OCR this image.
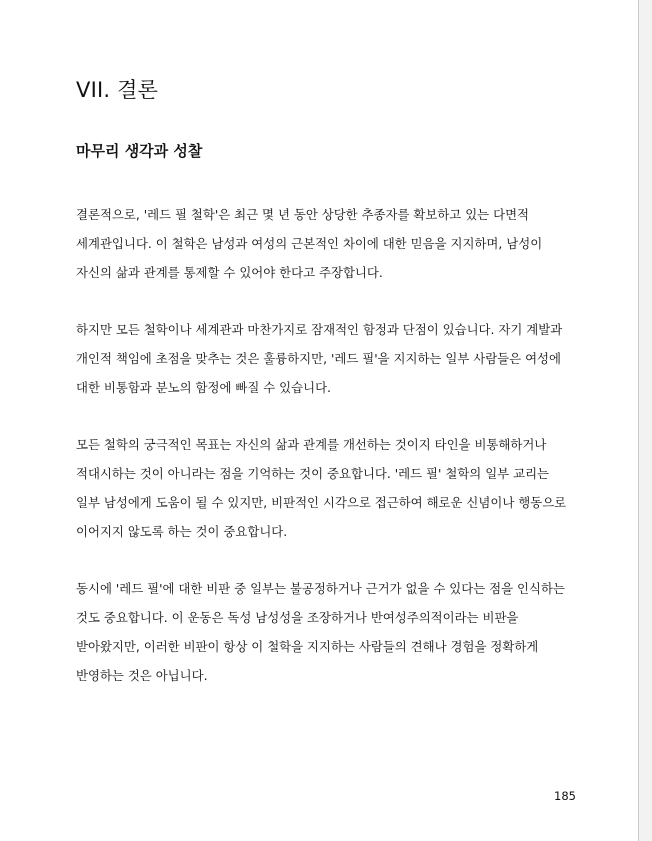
VII. 결론
마무리 생각과 성찰
결론적으로, '레드 필 철학'은 최근 몇 년 동안 상당한 추종자를 확보하고 있는 다면적
세계관입니다. 이 철학은 남성과 여성의 근본적인 차이에 대한 믿음을 지지하며, 남성이
자신의 삶과 관계를 통제할 수 있어야 한다고 주장합니다.
하지만 모든 철학이나 세계관과 마찬가지로 잠재적인 함정과 단점이 있습니다. 자기 계발과
개인적 책임에 초점을 맞추는 것은 훌륭하지만, '레드 필'을 지지하는 일부 사람들은 여성에
대한 비통함과 분노의 함정에 빠질 수 있습니다.
모든 철학의 궁극적인 목표는 자신의 삶과 관계를 개선하는 것이지 타인을 비통해하거나
적대시하는 것이 아니라는 점을 기억하는 것이 중요합니다. '레드 필' 철학의 일부 교리는
일부 남성에게 도움이 될 수 있지만, 비판적인 시각으로 접근하여 해로운 신념이나 행동으로
이어지지 않도록 하는 것이 중요합니다.
동시에 '레드 필'에 대한 비판 중 일부는 불공정하거나 근거가 없을 수 있다는 점을 인식하는
것도 중요합니다. 이 운동은 독성 남성성을 조장하거나 반여성주의적이라는 비판을
받아왔지만, 이러한 비판이 항상 이 철학을 지지하는 사람들의 견해나 경험을 정확하게
반영하는 것은 아닙니다.
185
